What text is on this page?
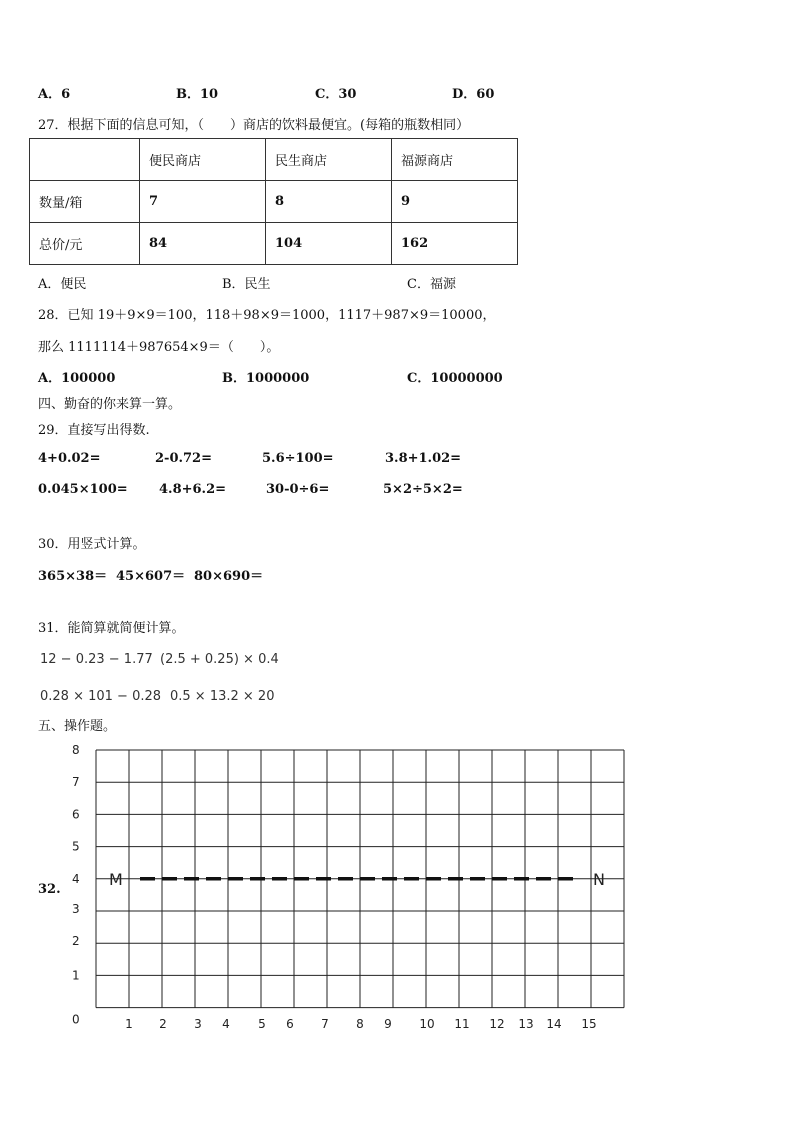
A．6	B．10	C．30	D．60
27．根据下面的信息可知，（　　）商店的饮料最便宜。(每箱的瓶数相同）
	便民商店	民生商店	福源商店
数量/箱	7	8	9
总价/元	84	104	162
A．便民	B．民生	C．福源
28．已知 19＋9×9＝100，118＋98×9＝1000，1117＋987×9＝10000，
那么 1111114＋987654×9＝（　　）。
A．100000	B．1000000	C．10000000
四、勤奋的你来算一算。
29．直接写出得数.
4+0.02=	2-0.72=	5.6÷100=	3.8+1.02=
0.045×100= 4.8+6.2=	30-0÷6=	5×2÷5×2=
30．用竖式计算。
365×38＝ 45×607＝ 80×690＝
31．能简算就简便计算。
12 − 0.23 − 1.77 (2.5 + 0.25) × 0.4
0.28 × 101 − 0.28 0.5 × 13.2 × 20
五、操作题。
32.
M	N
0
1
2
3
4
5
6
7
8
1 2 3 4 5 6 7 8 9 10 11 12 13 14 15
